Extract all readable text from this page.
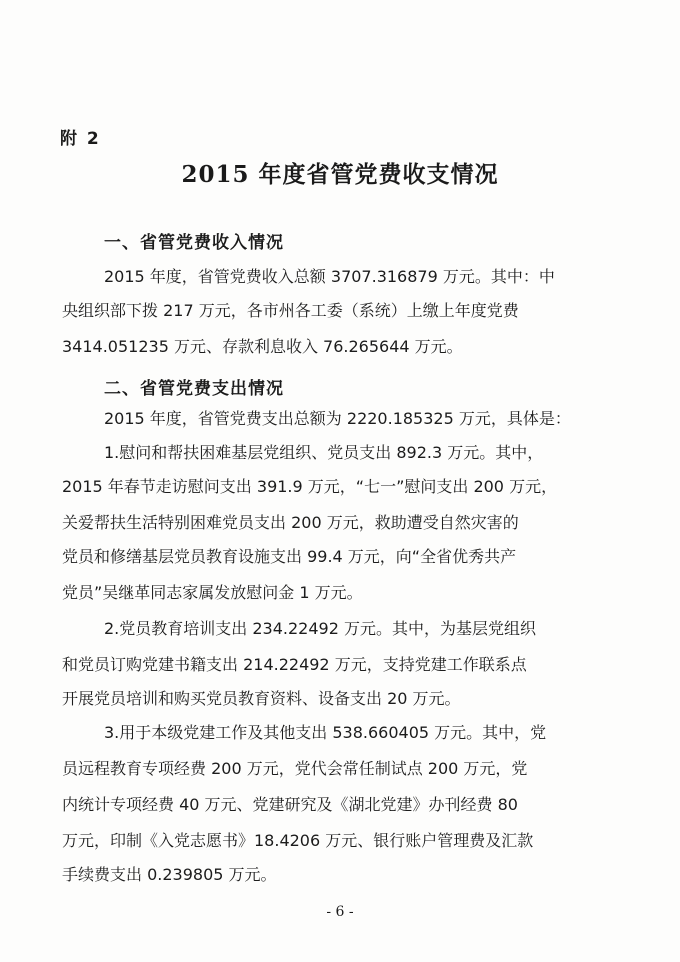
附 2
2015 年度省管党费收支情况
一、省管党费收入情况
2015 年度，省管党费收入总额 3707.316879 万元。其中：中
央组织部下拨 217 万元，各市州各工委（系统）上缴上年度党费
3414.051235 万元、存款利息收入 76.265644 万元。
二、省管党费支出情况
2015 年度，省管党费支出总额为 2220.185325 万元，具体是：
1.慰问和帮扶困难基层党组织、党员支出 892.3 万元。其中，
2015 年春节走访慰问支出 391.9 万元，“七一”慰问支出 200 万元，
关爱帮扶生活特别困难党员支出 200 万元，救助遭受自然灾害的
党员和修缮基层党员教育设施支出 99.4 万元，向“全省优秀共产
党员”吴继革同志家属发放慰问金 1 万元。
2.党员教育培训支出 234.22492 万元。其中，为基层党组织
和党员订购党建书籍支出 214.22492 万元，支持党建工作联系点
开展党员培训和购买党员教育资料、设备支出 20 万元。
3.用于本级党建工作及其他支出 538.660405 万元。其中，党
员远程教育专项经费 200 万元，党代会常任制试点 200 万元，党
内统计专项经费 40 万元、党建研究及《湖北党建》办刊经费 80
万元，印制《入党志愿书》18.4206 万元、银行账户管理费及汇款
手续费支出 0.239805 万元。
- 6 -
